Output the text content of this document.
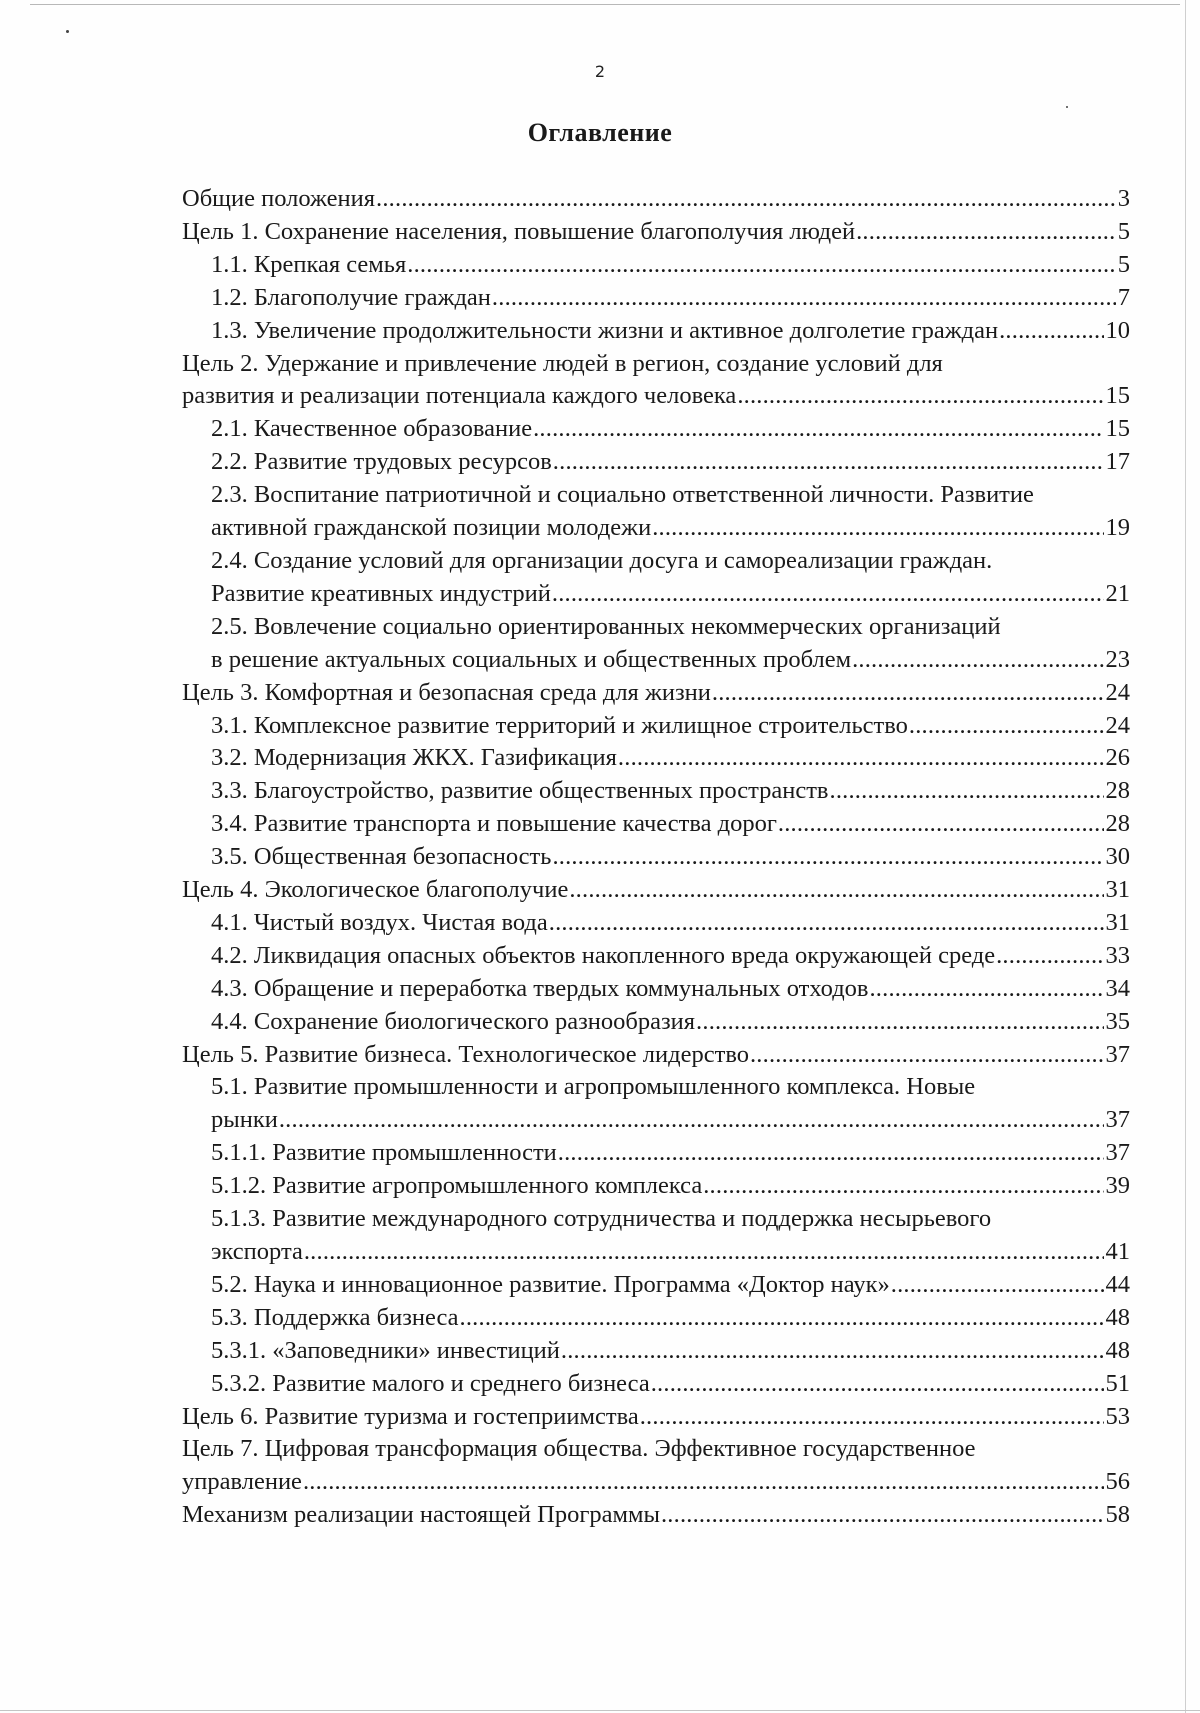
2
Оглавление
Общие положения .....	3
Цель 1. Сохранение населения, повышение благополучия людей .....	5
1.1. Крепкая семья .....	5
1.2. Благополучие граждан .....	7
1.3. Увеличение продолжительности жизни и активное долголетие граждан .....	10
Цель 2. Удержание и привлечение людей в регион, создание условий для
развития и реализации потенциала каждого человека .....	15
2.1. Качественное образование .....	15
2.2. Развитие трудовых ресурсов .....	17
2.3. Воспитание патриотичной и социально ответственной личности. Развитие
активной гражданской позиции молодежи .....	19
2.4. Создание условий для организации досуга и самореализации граждан.
Развитие креативных индустрий .....	21
2.5. Вовлечение социально ориентированных некоммерческих организаций
в решение актуальных социальных и общественных проблем .....	23
Цель 3. Комфортная и безопасная среда для жизни .....	24
3.1. Комплексное развитие территорий и жилищное строительство .....	24
3.2. Модернизация ЖКХ. Газификация .....	26
3.3. Благоустройство, развитие общественных пространств .....	28
3.4. Развитие транспорта и повышение качества дорог .....	28
3.5. Общественная безопасность .....	30
Цель 4. Экологическое благополучие .....	31
4.1. Чистый воздух. Чистая вода .....	31
4.2. Ликвидация опасных объектов накопленного вреда окружающей среде .....	33
4.3. Обращение и переработка твердых коммунальных отходов .....	34
4.4. Сохранение биологического разнообразия .....	35
Цель 5. Развитие бизнеса. Технологическое лидерство .....	37
5.1. Развитие промышленности и агропромышленного комплекса. Новые
рынки .....	37
5.1.1. Развитие промышленности .....	37
5.1.2. Развитие агропромышленного комплекса .....	39
5.1.3. Развитие международного сотрудничества и поддержка несырьевого
экспорта .....	41
5.2. Наука и инновационное развитие. Программа «Доктор наук» .....	44
5.3. Поддержка бизнеса .....	48
5.3.1. «Заповедники» инвестиций .....	48
5.3.2. Развитие малого и среднего бизнеса .....	51
Цель 6. Развитие туризма и гостеприимства .....	53
Цель 7. Цифровая трансформация общества. Эффективное государственное
управление .....	56
Механизм реализации настоящей Программы .....	58
